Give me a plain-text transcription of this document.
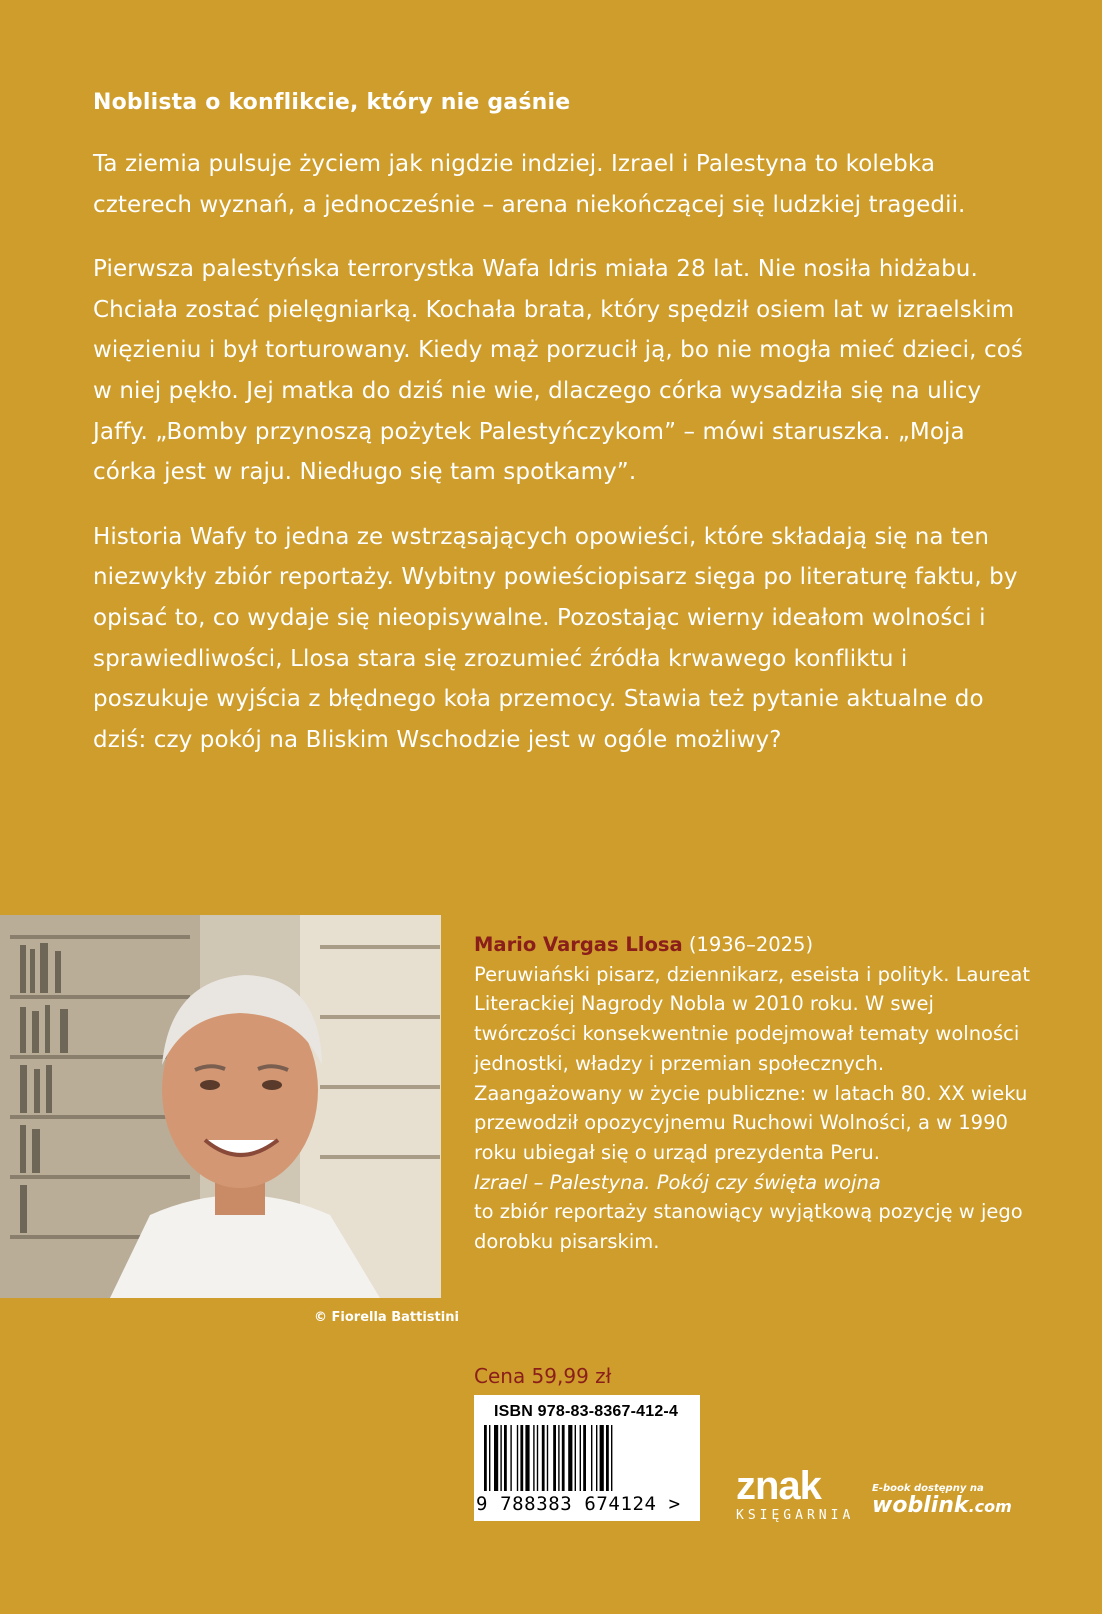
Noblista o konflikcie, który nie gaśnie

Ta ziemia pulsuje życiem jak nigdzie indziej. Izrael i Palestyna to kolebka czterech wyznań, a jednocześnie – arena niekończącej się ludzkiej tragedii.

Pierwsza palestyńska terrorystka Wafa Idris miała 28 lat. Nie nosiła hidżabu. Chciała zostać pielęgniarką. Kochała brata, który spędził osiem lat w izraelskim więzieniu i był torturowany. Kiedy mąż porzucił ją, bo nie mogła mieć dzieci, coś w niej pękło. Jej matka do dziś nie wie, dlaczego córka wysadziła się na ulicy Jaffy. „Bomby przynoszą pożytek Palestyńczykom” – mówi staruszka. „Moja córka jest w raju. Niedługo się tam spotkamy”.

Historia Wafy to jedna ze wstrząsających opowieści, które składają się na ten niezwykły zbiór reportaży. Wybitny powieściopisarz sięga po literaturę faktu, by opisać to, co wydaje się nieopisywalne. Pozostając wierny ideałom wolności i sprawiedliwości, Llosa stara się zrozumieć źródła krwawego konfliktu i poszukuje wyjścia z błędnego koła przemocy. Stawia też pytanie aktualne do dziś: czy pokój na Bliskim Wschodzie jest w ogóle możliwy?

© Fiorella Battistini
Mario Vargas Llosa (1936–2025)
Peruwiański pisarz, dziennikarz, eseista i polityk. Laureat Literackiej Nagrody Nobla w 2010 roku. W swej twórczości konsekwentnie podejmował tematy wolności jednostki, władzy i przemian społecznych. Zaangażowany w życie publiczne: w latach 80. XX wieku przewodził opozycyjnemu Ruchowi Wolności, a w 1990 roku ubiegał się o urząd prezydenta Peru.
Izrael – Palestyna. Pokój czy święta wojna
to zbiór reportaży stanowiący wyjątkową pozycję w jego dorobku pisarskim.
Cena 59,99 zł
ISBN 978-83-8367-412-4
9 788383 674124 > znak
KSIĘGARNIA
E-book dostępny na
woblink.com
